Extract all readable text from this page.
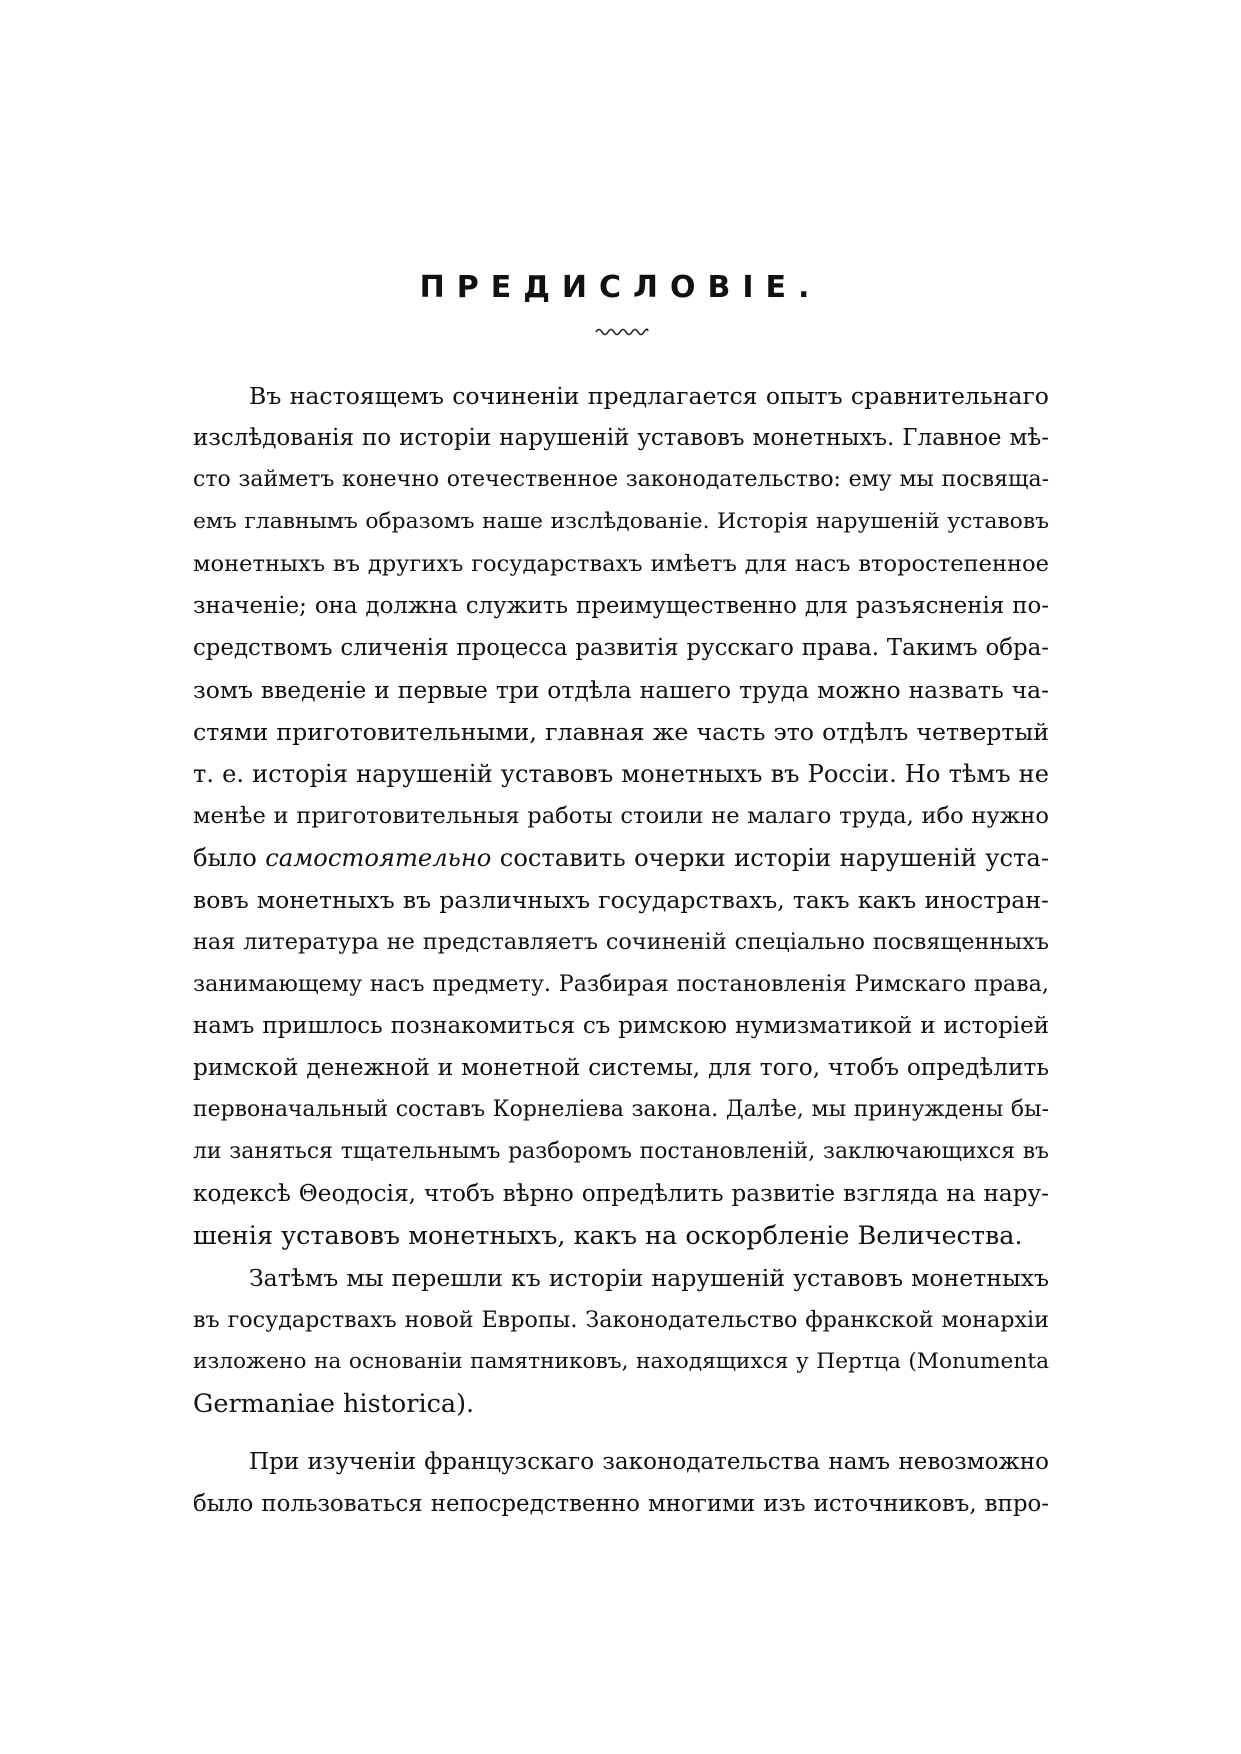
ПРЕДИСЛОВІЕ.
Въ настоящемъ сочиненіи предлагается опытъ сравнительнаго
изслѣдованія по исторіи нарушеній уставовъ монетныхъ. Главное мѣ-
сто займетъ конечно отечественное законодательство: ему мы посвяща-
емъ главнымъ образомъ наше изслѣдованіе. Исторія нарушеній уставовъ
монетныхъ въ другихъ государствахъ имѣетъ для насъ второстепенное
значеніе; она должна служить преимущественно для разъясненія по-
средствомъ сличенія процесса развитія русскаго права. Такимъ обра-
зомъ введеніе и первые три отдѣла нашего труда можно назвать ча-
стями приготовительными, главная же часть это отдѣлъ четвертый
т. е. исторія нарушеній уставовъ монетныхъ въ Россіи. Но тѣмъ не
менѣе и приготовительныя работы стоили не малаго труда, ибо нужно
было самостоятельно составить очерки исторіи нарушеній уста-
вовъ монетныхъ въ различныхъ государствахъ, такъ какъ иностран-
ная литература не представляетъ сочиненій спеціально посвященныхъ
занимающему насъ предмету. Разбирая постановленія Римскаго права,
намъ пришлось познакомиться съ римскою нумизматикой и исторіей
римской денежной и монетной системы, для того, чтобъ опредѣлить
первоначальный составъ Корнеліева закона. Далѣе, мы принуждены бы-
ли заняться тщательнымъ разборомъ постановленій, заключающихся въ
кодексѣ Θеодосія, чтобъ вѣрно опредѣлить развитіе взгляда на нару-
шенія уставовъ монетныхъ, какъ на оскорбленіе Величества.
Затѣмъ мы перешли къ исторіи нарушеній уставовъ монетныхъ
въ государствахъ новой Европы. Законодательство франкской монархіи
изложено на основаніи памятниковъ, находящихся у Пертца (Monumenta
Germaniae historica).
При изученіи французскаго законодательства намъ невозможно
было пользоваться непосредственно многими изъ источниковъ, впро-
